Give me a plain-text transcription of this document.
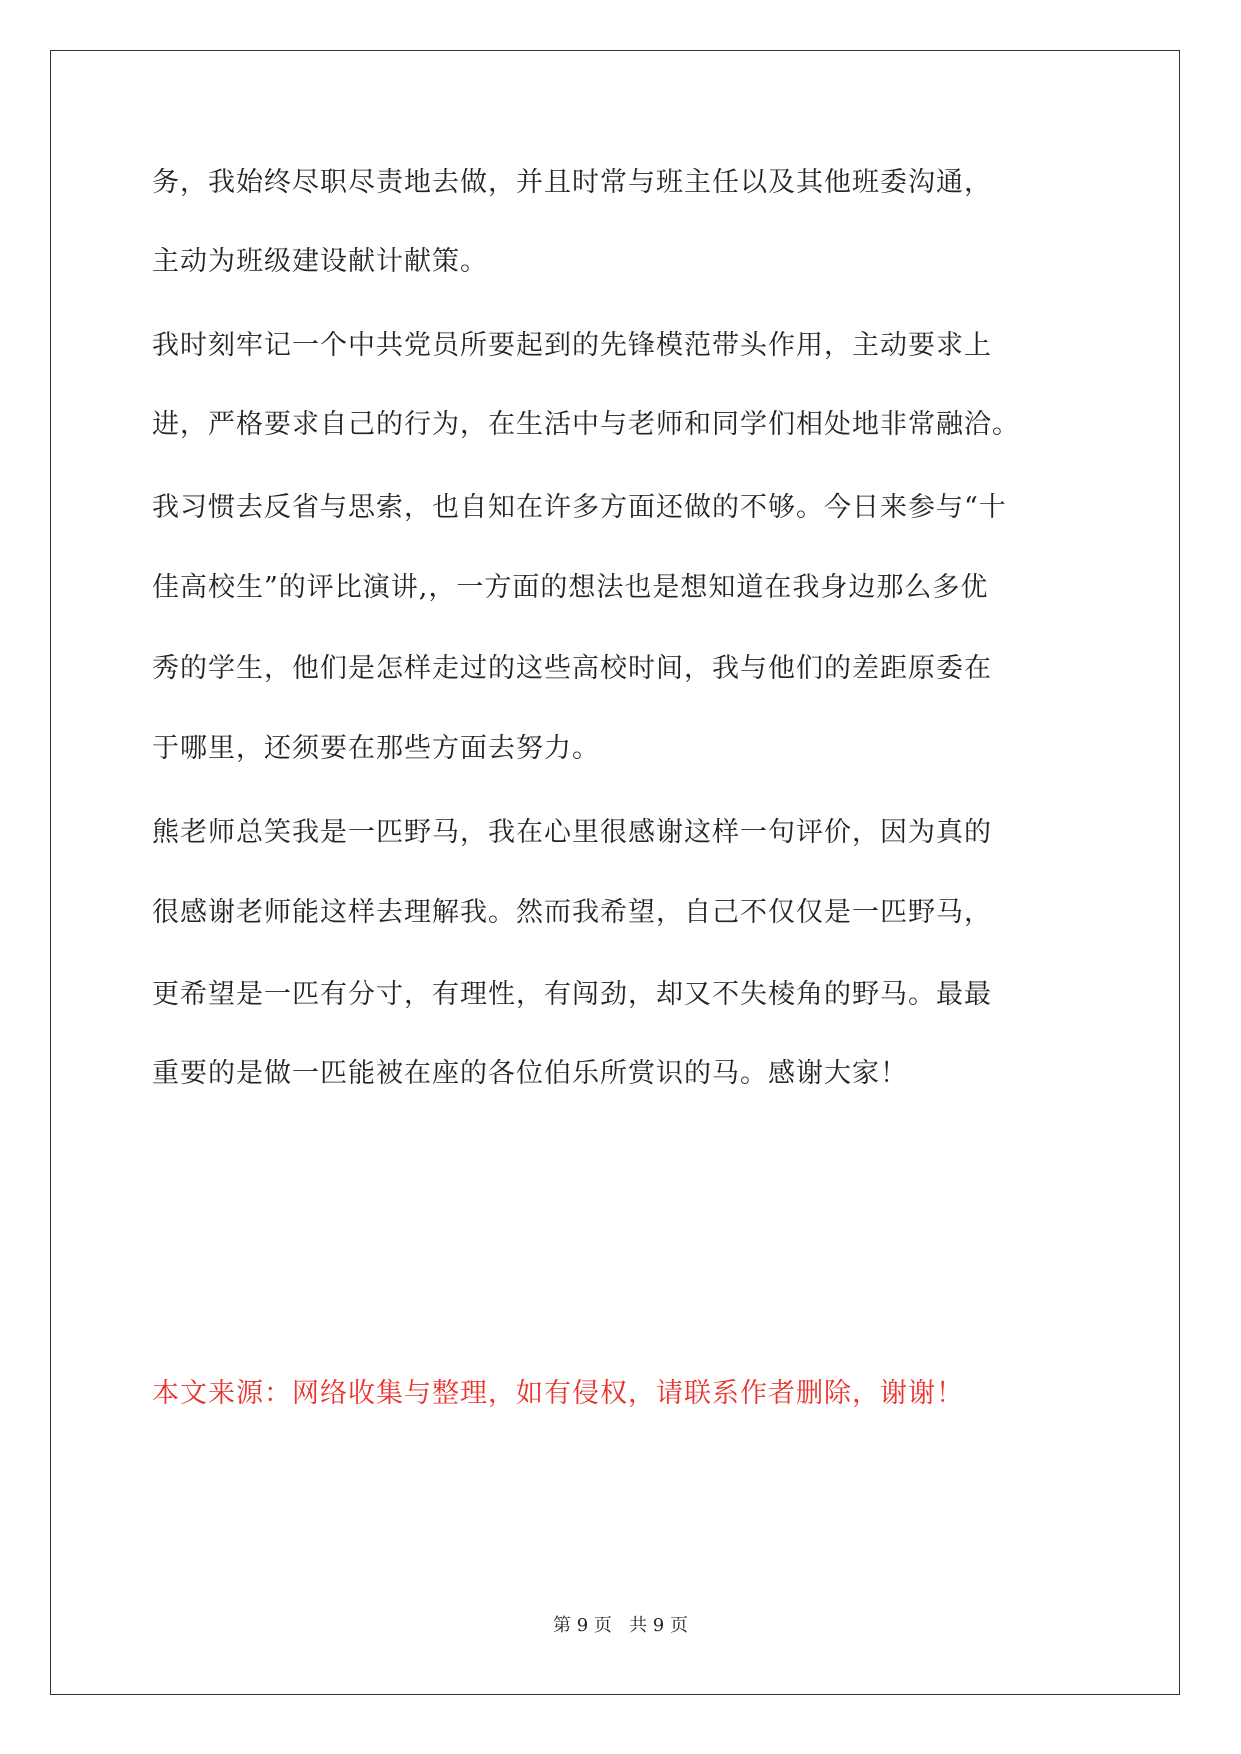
务，我始终尽职尽责地去做，并且时常与班主任以及其他班委沟通，
主动为班级建设献计献策。
我时刻牢记一个中共党员所要起到的先锋模范带头作用，主动要求上
进，严格要求自己的行为，在生活中与老师和同学们相处地非常融洽。
我习惯去反省与思索，也自知在许多方面还做的不够。今日来参与“十
佳高校生”的评比演讲,，一方面的想法也是想知道在我身边那么多优
秀的学生，他们是怎样走过的这些高校时间，我与他们的差距原委在
于哪里，还须要在那些方面去努力。
熊老师总笑我是一匹野马，我在心里很感谢这样一句评价，因为真的
很感谢老师能这样去理解我。然而我希望，自己不仅仅是一匹野马，
更希望是一匹有分寸，有理性，有闯劲，却又不失棱角的野马。最最
重要的是做一匹能被在座的各位伯乐所赏识的马。感谢大家！
本文来源：网络收集与整理，如有侵权，请联系作者删除，谢谢！
第 9 页 共 9 页
